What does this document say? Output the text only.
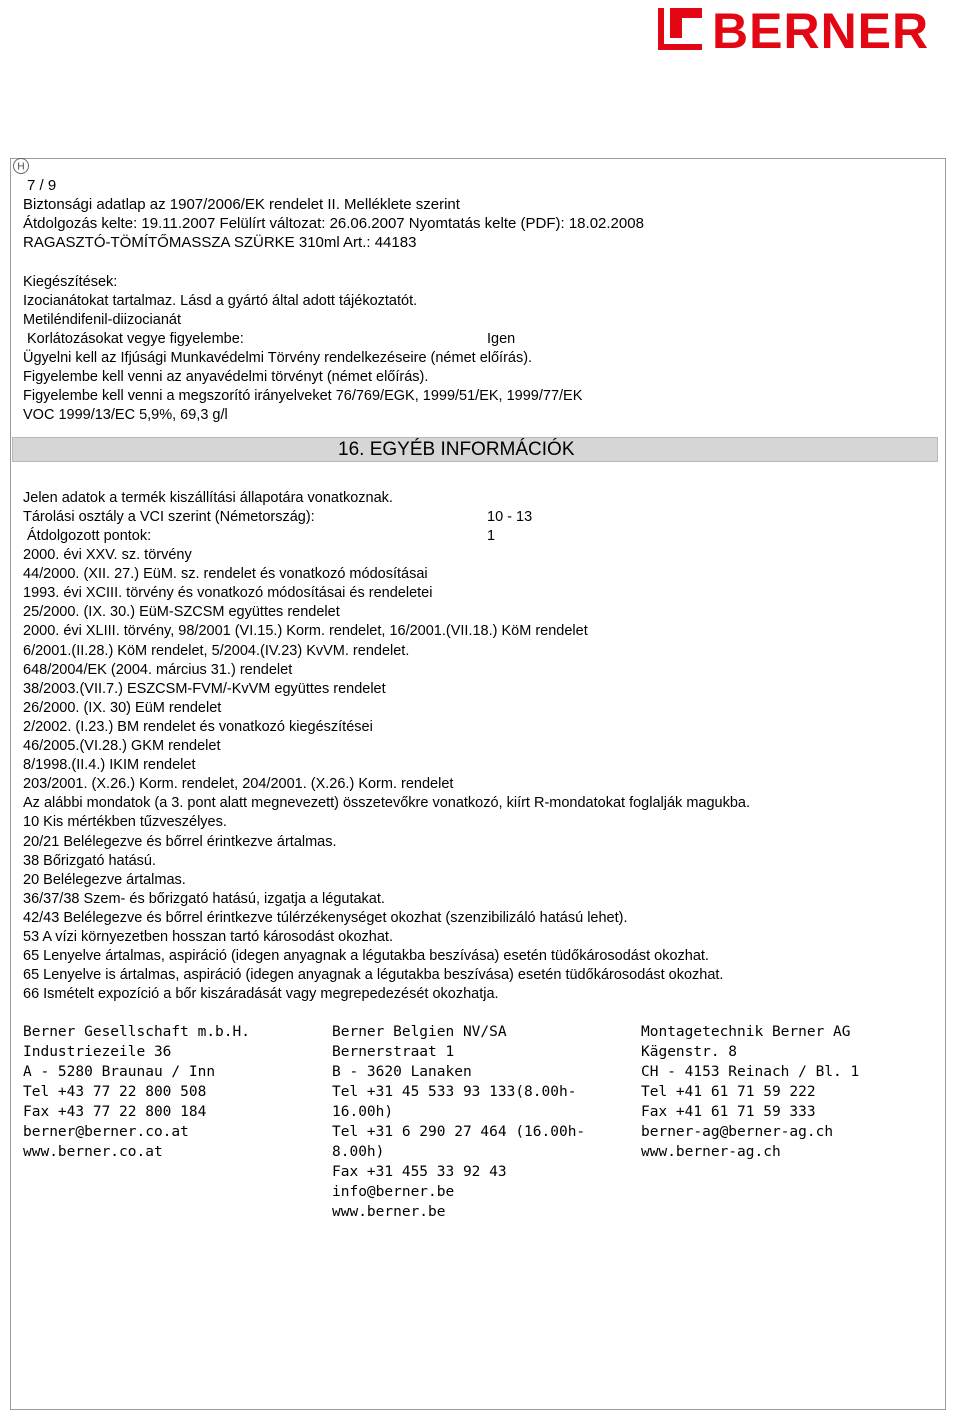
BERNER
H
7 / 9
Biztonsági adatlap az 1907/2006/EK rendelet II. Melléklete szerint
Átdolgozás kelte: 19.11.2007 Felülírt változat: 26.06.2007 Nyomtatás kelte (PDF): 18.02.2008
RAGASZTÓ-TÖMÍTŐMASSZA SZÜRKE 310ml Art.: 44183
Kiegészítések:
Izocianátokat tartalmaz. Lásd a gyártó által adott tájékoztatót.
Metiléndifenil-diizocianát
Korlátozásokat vegye figyelembe:	Igen
Ügyelni kell az Ifjúsági Munkavédelmi Törvény rendelkezéseire (német előírás).
Figyelembe kell venni az anyavédelmi törvényt (német előírás).
Figyelembe kell venni a megszorító irányelveket 76/769/EGK, 1999/51/EK, 1999/77/EK
VOC 1999/13/EC 5,9%, 69,3 g/l
16. EGYÉB INFORMÁCIÓK
Jelen adatok a termék kiszállítási állapotára vonatkoznak.
Tárolási osztály a VCI szerint (Németország):	10 - 13
Átdolgozott pontok:	1
2000. évi XXV. sz. törvény
44/2000. (XII. 27.) EüM. sz. rendelet és vonatkozó módosításai
1993. évi XCIII. törvény és vonatkozó módosításai és rendeletei
25/2000. (IX. 30.) EüM-SZCSM együttes rendelet
2000. évi XLIII. törvény, 98/2001 (VI.15.) Korm. rendelet, 16/2001.(VII.18.) KöM rendelet
6/2001.(II.28.) KöM rendelet, 5/2004.(IV.23) KvVM. rendelet.
648/2004/EK (2004. március 31.) rendelet
38/2003.(VII.7.) ESZCSM-FVM/-KvVM együttes rendelet
26/2000. (IX. 30) EüM rendelet
2/2002. (I.23.) BM rendelet és vonatkozó kiegészítései
46/2005.(VI.28.) GKM rendelet
8/1998.(II.4.) IKIM rendelet
203/2001. (X.26.) Korm. rendelet, 204/2001. (X.26.) Korm. rendelet
Az alábbi mondatok (a 3. pont alatt megnevezett) összetevőkre vonatkozó, kiírt R-mondatokat foglalják magukba.
10 Kis mértékben tűzveszélyes.
20/21 Belélegezve és bőrrel érintkezve ártalmas.
38 Bőrizgató hatású.
20 Belélegezve ártalmas.
36/37/38 Szem- és bőrizgató hatású, izgatja a légutakat.
42/43 Belélegezve és bőrrel érintkezve túlérzékenységet okozhat (szenzibilizáló hatású lehet).
53 A vízi környezetben hosszan tartó károsodást okozhat.
65 Lenyelve ártalmas, aspiráció (idegen anyagnak a légutakba beszívása) esetén tüdőkárosodást okozhat.
65 Lenyelve is ártalmas, aspiráció (idegen anyagnak a légutakba beszívása) esetén tüdőkárosodást okozhat.
66 Ismételt expozíció a bőr kiszáradását vagy megrepedezését okozhatja.
Berner Gesellschaft m.b.H.
Industriezeile 36
A - 5280 Braunau / Inn
Tel +43 77 22 800 508
Fax +43 77 22 800 184
berner@berner.co.at
www.berner.co.at
Berner Belgien NV/SA
Bernerstraat 1
B - 3620 Lanaken
Tel +31 45 533 93 133(8.00h-
16.00h)
Tel +31 6 290 27 464 (16.00h-
8.00h)
Fax +31 455 33 92 43
info@berner.be
www.berner.be
Montagetechnik Berner AG
Kägenstr. 8
CH - 4153 Reinach / Bl. 1
Tel +41 61 71 59 222
Fax +41 61 71 59 333
berner-ag@berner-ag.ch
www.berner-ag.ch
